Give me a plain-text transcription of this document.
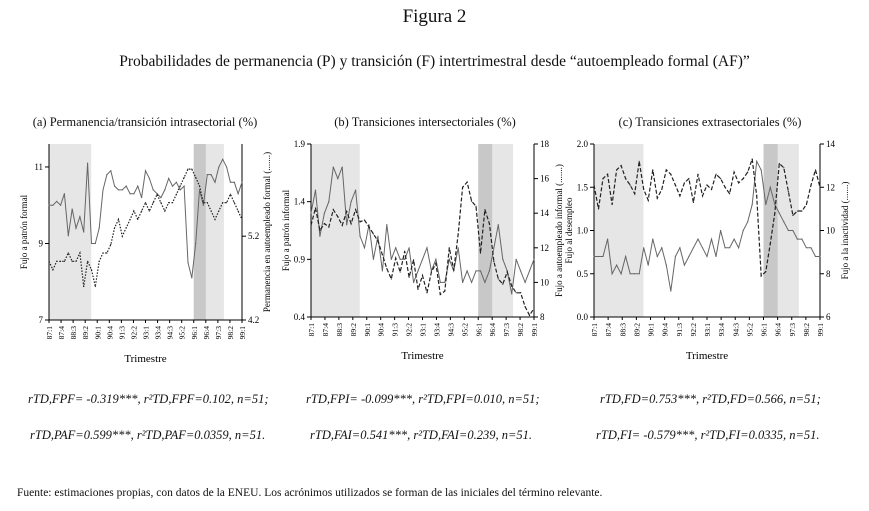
Figura 2
Probabilidades de permanencia (P) y transición (F) intertrimestral desde “autoempleado formal (AF)”
(a) Permanencia/transición intrasectorial (%)	(b) Transiciones intersectoriales (%)	(c) Transiciones extrasectoriales (%)
7
9
11
4.2
5.2
87:1 87:4 88:3 89:2 90:1 90:4 91:3 92:2 93:1 93:4 94:3 95:2 96:1 96:4 97:3 98:2 99:1
Trimestre
Fujo a patrón formal	Permanencia en autoempleado formal (.......)
0.4
0.9
1.4
1.9
8
10
12
14
16
18
87:1 87:4 88:3 89:2 90:1 90:4 91:3 92:2 93:1 93:4 94:3 95:2 96:1 96:4 97:3 98:2 99:1
Trimestre
Fujo a patrón informal	Fujo a autoempleado informal (.......)
0.0
0.5
1.0
1.5
2.0
6
8
10
12
14
87:1 87:4 88:3 89:2 90:1 90:4 91:3 92:2 93:1 93:4 94:3 95:2 96:1 96:4 97:3 98:2 99:1
Trimestre
Fujo al desempleo	Fujo a la inactividad (.......)
rTD,FPF= -0.319***, r²TD,FPF=0.102, n=51;
rTD,PAF=0.599***, r²TD,PAF=0.0359, n=51.
rTD,FPI= -0.099***, r²TD,FPI=0.010, n=51;
rTD,FAI=0.541***, r²TD,FAI=0.239, n=51.
rTD,FD=0.753***, r²TD,FD=0.566, n=51;
rTD,FI= -0.579***, r²TD,FI=0.0335, n=51.
Fuente: estimaciones propias, con datos de la ENEU. Los acrónimos utilizados se forman de las iniciales del término relevante.
